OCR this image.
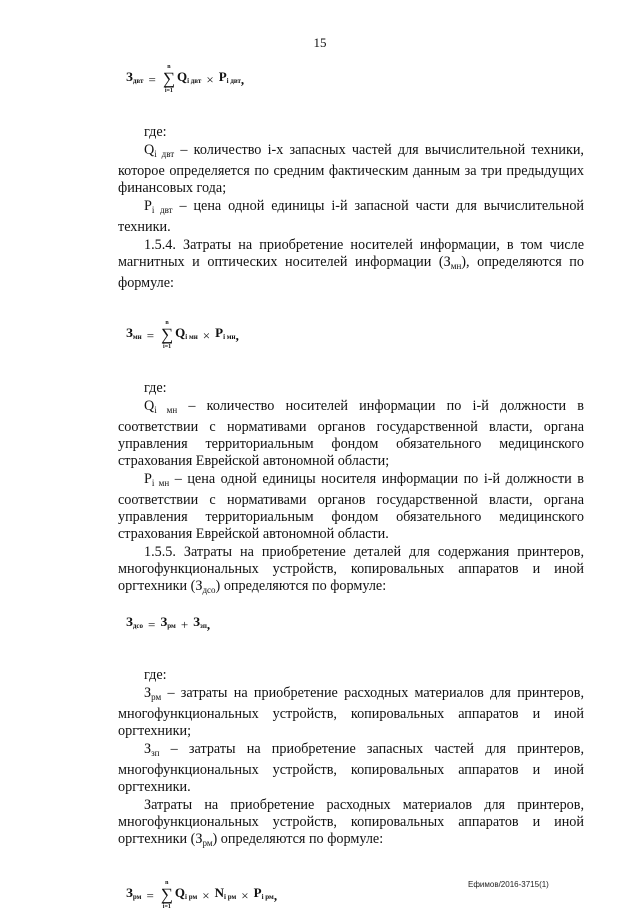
15
$З_{двт}$ =
n
∑
i=1
$Q_{i двт} \times P_{i двт}$ ,

где:

$Q_{i двт}$ – количество i-х запасных частей для вычислительной техники, которое определяется по средним фактическим данным за три предыдущих финансовых года;

$P_{i двт}$ – цена одной единицы i-й запасной части для вычислительной техники.

1.5.4. Затраты на приобретение носителей информации, в том числе магнитных и оптических носителей информации $(З_{мн})$, определяются по формуле:

$З_{мн}$ =
n
∑
i=1
$Q_{i мн} \times P_{i мн}$ ,

где:

$Q_{i мн}$ – количество носителей информации по i-й должности в соответствии с нормативами органов государственной власти, органа управления территориальным фондом обязательного медицинского страхования Еврейской автономной области;

$P_{i мн}$ – цена одной единицы носителя информации по i-й должности в соответствии с нормативами органов государственной власти, органа управления территориальным фондом обязательного медицинского страхования Еврейской автономной области.

1.5.5. Затраты на приобретение деталей для содержания принтеров, многофункциональных устройств, копировальных аппаратов и иной оргтехники $(З_{дсо})$ определяются по формуле:

$З_{дсо} = З_{рм} + З_{зп}$ ,

где:

$З_{рм}$ – затраты на приобретение расходных материалов для принтеров, многофункциональных устройств, копировальных аппаратов и иной оргтехники;

$З_{зп}$ – затраты на приобретение запасных частей для принтеров, многофункциональных устройств, копировальных аппаратов и иной оргтехники.

Затраты на приобретение расходных материалов для принтеров, многофункциональных устройств, копировальных аппаратов и иной оргтехники $(З_{рм})$ определяются по формуле:

$З_{рм}$ =
n
∑
i=1
$Q_{i рм} \times N_{i рм} \times P_{i рм}$ ,
Ефимов/2016-3715(1)
